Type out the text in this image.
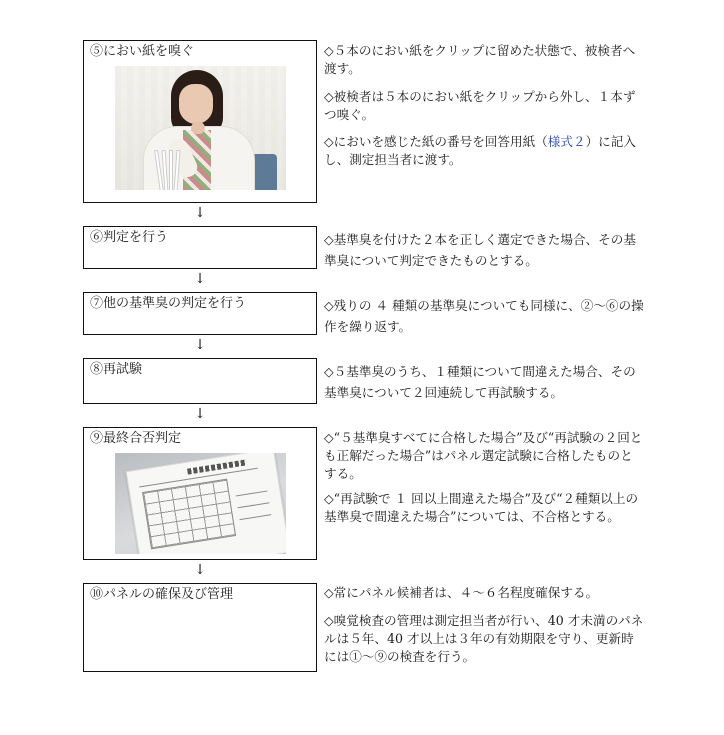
⑤におい紙を嗅ぐ
↓
⑥判定を行う
↓
⑦他の基準臭の判定を行う
↓
⑧再試験
↓
⑨最終合否判定
↓
⑩パネルの確保及び管理
◇５本のにおい紙をクリップに留めた状態で、被検者へ渡す。
◇被検者は５本のにおい紙をクリップから外し、１本ずつ嗅ぐ。
◇においを感じた紙の番号を回答用紙（様式２）に記入し、測定担当者に渡す。
◇基準臭を付けた２本を正しく選定できた場合、その基準臭について判定できたものとする。
◇残りの ４ 種類の基準臭についても同様に、②～⑥の操作を繰り返す。
◇５基準臭のうち、１種類について間違えた場合、その基準臭について２回連続して再試験する。
◇“５基準臭すべてに合格した場合”及び“再試験の２回とも正解だった場合”はパネル選定試験に合格したものとする。
◇“再試験で １ 回以上間違えた場合”及び“２種類以上の基準臭で間違えた場合”については、不合格とする。
◇常にパネル候補者は、４～６名程度確保する。
◇嗅覚検査の管理は測定担当者が行い、40 才未満のパネルは５年、40 才以上は３年の有効期限を守り、更新時には①～⑨の検査を行う。
